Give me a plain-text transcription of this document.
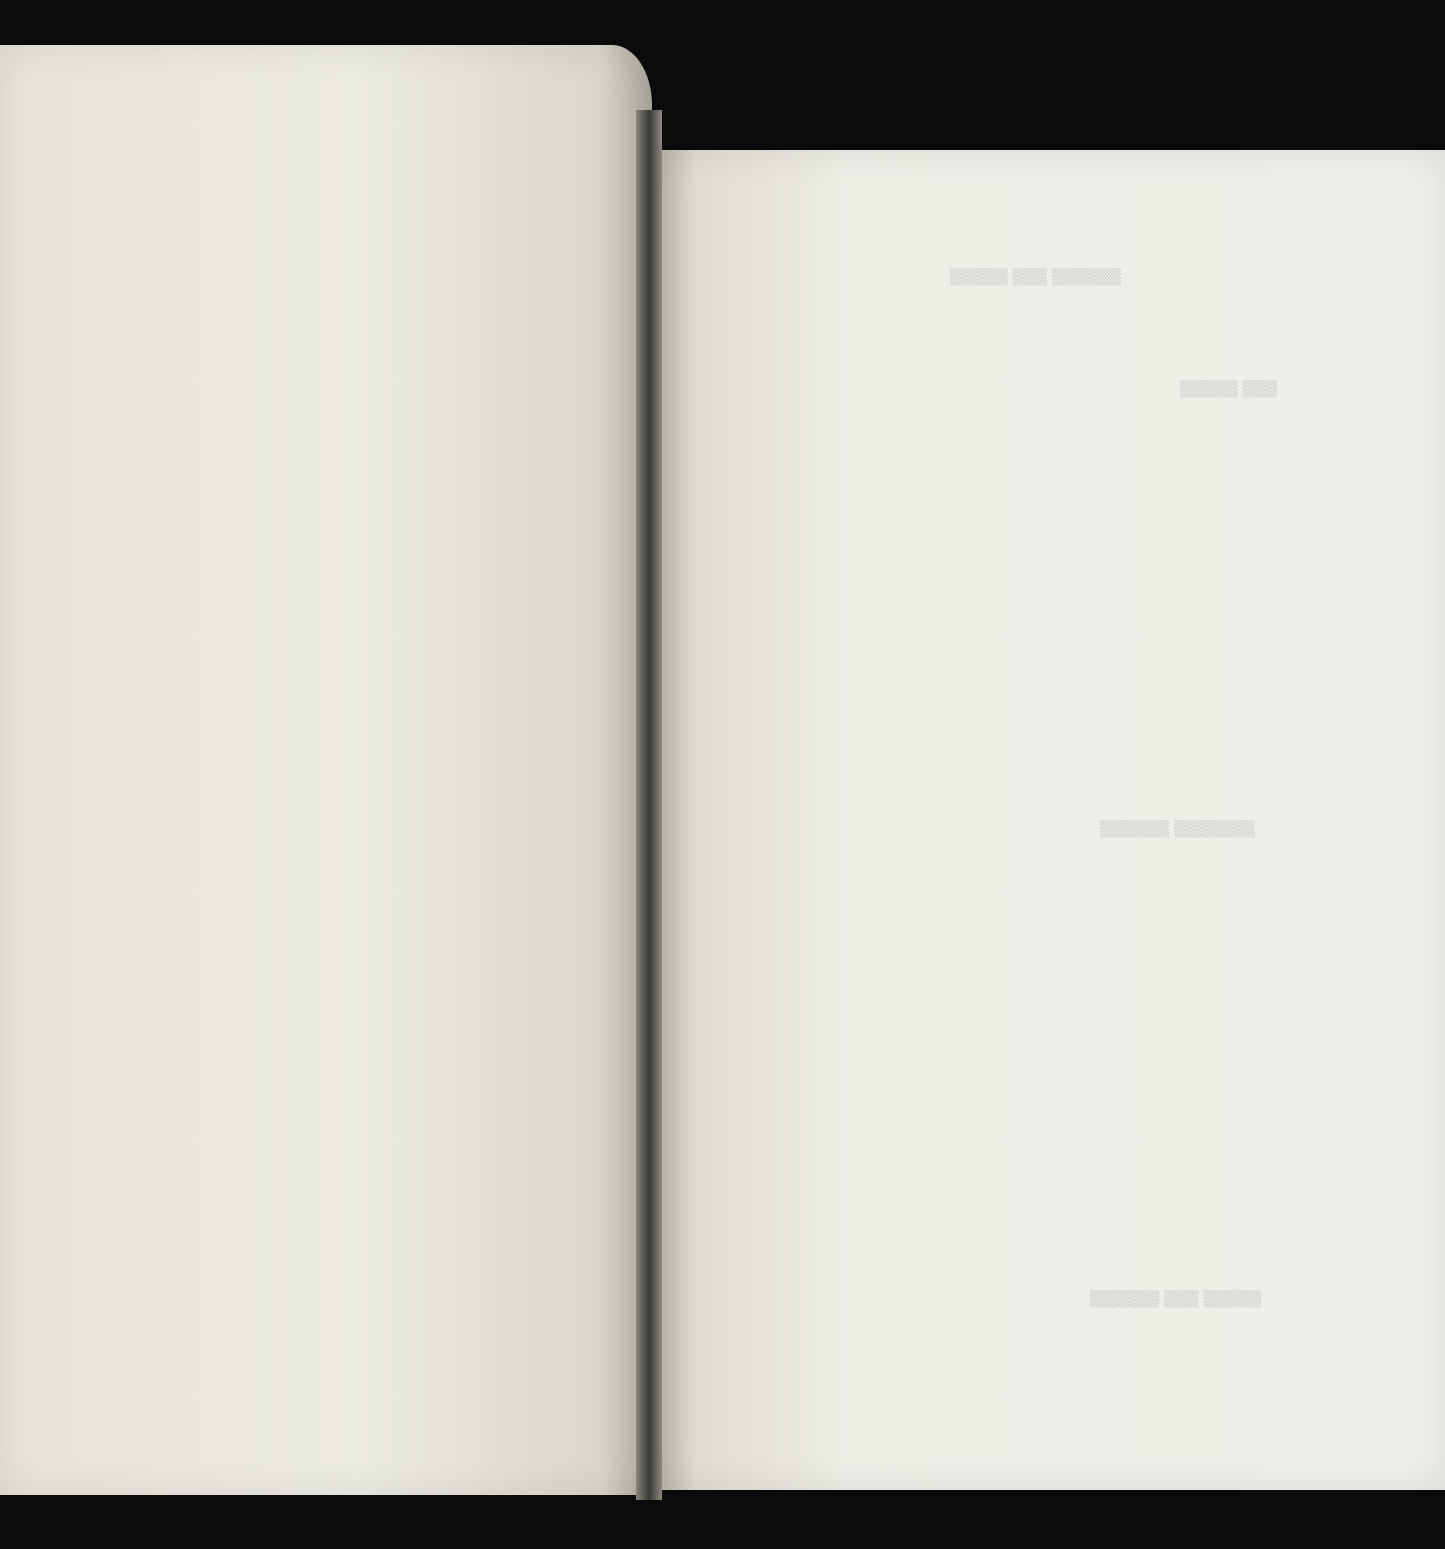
▒▒▒▒▒ ▒▒▒ ▒▒▒▒▒▒
▒▒▒▒▒ ▒▒▒
▒▒▒▒▒▒ ▒▒▒▒▒▒▒
▒▒▒▒▒▒ ▒▒▒ ▒▒▒▒▒
